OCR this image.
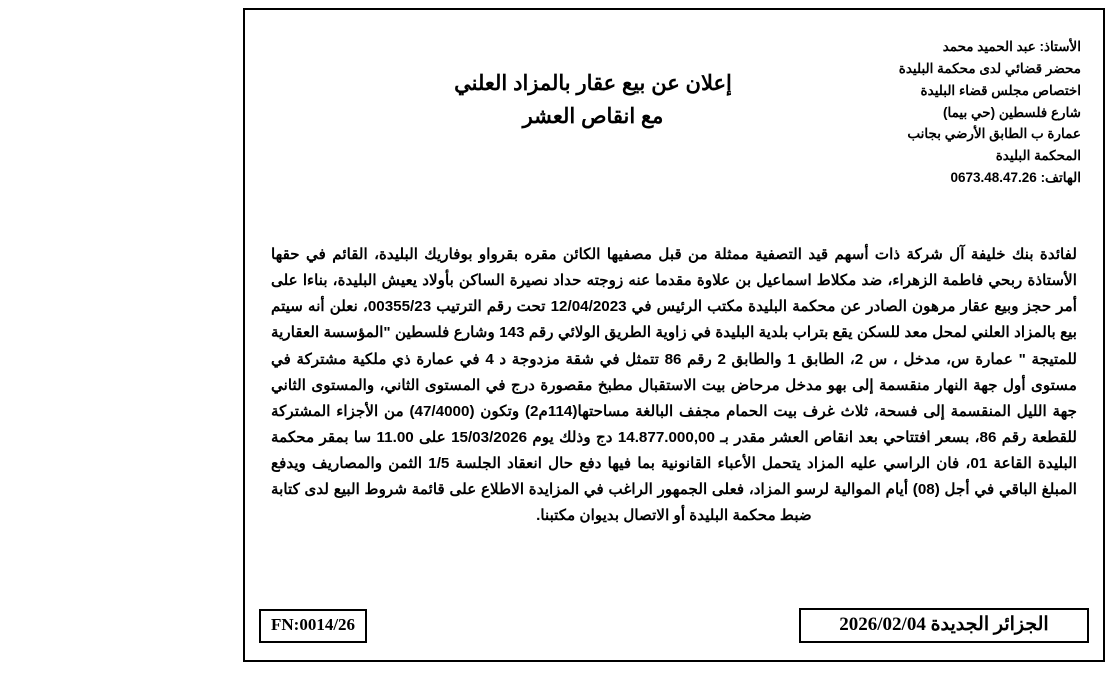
الأستاذ: عبد الحميد محمد
محضر قضائي لدى محكمة البليدة
اختصاص مجلس قضاء البليدة
شارع فلسطين (حي بيما)
عمارة ب الطابق الأرضي بجانب
المحكمة البليدة
الهاتف: 0673.48.47.26
إعلان عن بيع عقار بالمزاد العلني
مع انقاص العشر

لفائدة بنك خليفة آل شركة ذات أسهم قيد التصفية ممثلة من قبل مصفيها الكائن مقره بقرواو بوفاريك البليدة، القائم في حقها الأستاذة ربحي فاطمة الزهراء، ضد مكلاط اسماعيل بن علاوة مقدما عنه زوجته حداد نصيرة الساكن بأولاد يعيش البليدة، بناءا على أمر حجز وبيع عقار مرهون الصادر عن محكمة البليدة مكتب الرئيس في 12/04/2023 تحت رقم الترتيب 00355/23، نعلن أنه سيتم بيع بالمزاد العلني لمحل معد للسكن يقع بتراب بلدية البليدة في زاوية الطريق الولائي رقم 143 وشارع فلسطين "المؤسسة العقارية للمتيجة " عمارة س، مدخل ، س 2، الطابق 1 والطابق 2 رقم 86 تتمثل في شقة مزدوجة د 4 في عمارة ذي ملكية مشتركة في مستوى أول جهة النهار منقسمة إلى بهو مدخل مرحاض بيت الاستقبال مطبخ مقصورة درج في المستوى الثاني، والمستوى الثاني جهة الليل المنقسمة إلى فسحة، ثلاث غرف بيت الحمام مجفف البالغة مساحتها(114م2) وتكون (47/4000) من الأجزاء المشتركة للقطعة رقم 86، بسعر افتتاحي بعد انقاص العشر مقدر بـ 14.877.000,00 دج وذلك يوم 15/03/2026 على 11.00 سا بمقر محكمة البليدة القاعة 01، فان الراسي عليه المزاد يتحمل الأعباء القانونية بما فيها دفع حال انعقاد الجلسة 1/5 الثمن والمصاريف ويدفع المبلغ الباقي في أجل (08) أيام الموالية لرسو المزاد، فعلى الجمهور الراغب في المزايدة الاطلاع على قائمة شروط البيع لدى كتابة ضبط محكمة البليدة أو الاتصال بديوان مكتبنا.

الجزائر الجديدة 2026/02/04
FN:0014/26
